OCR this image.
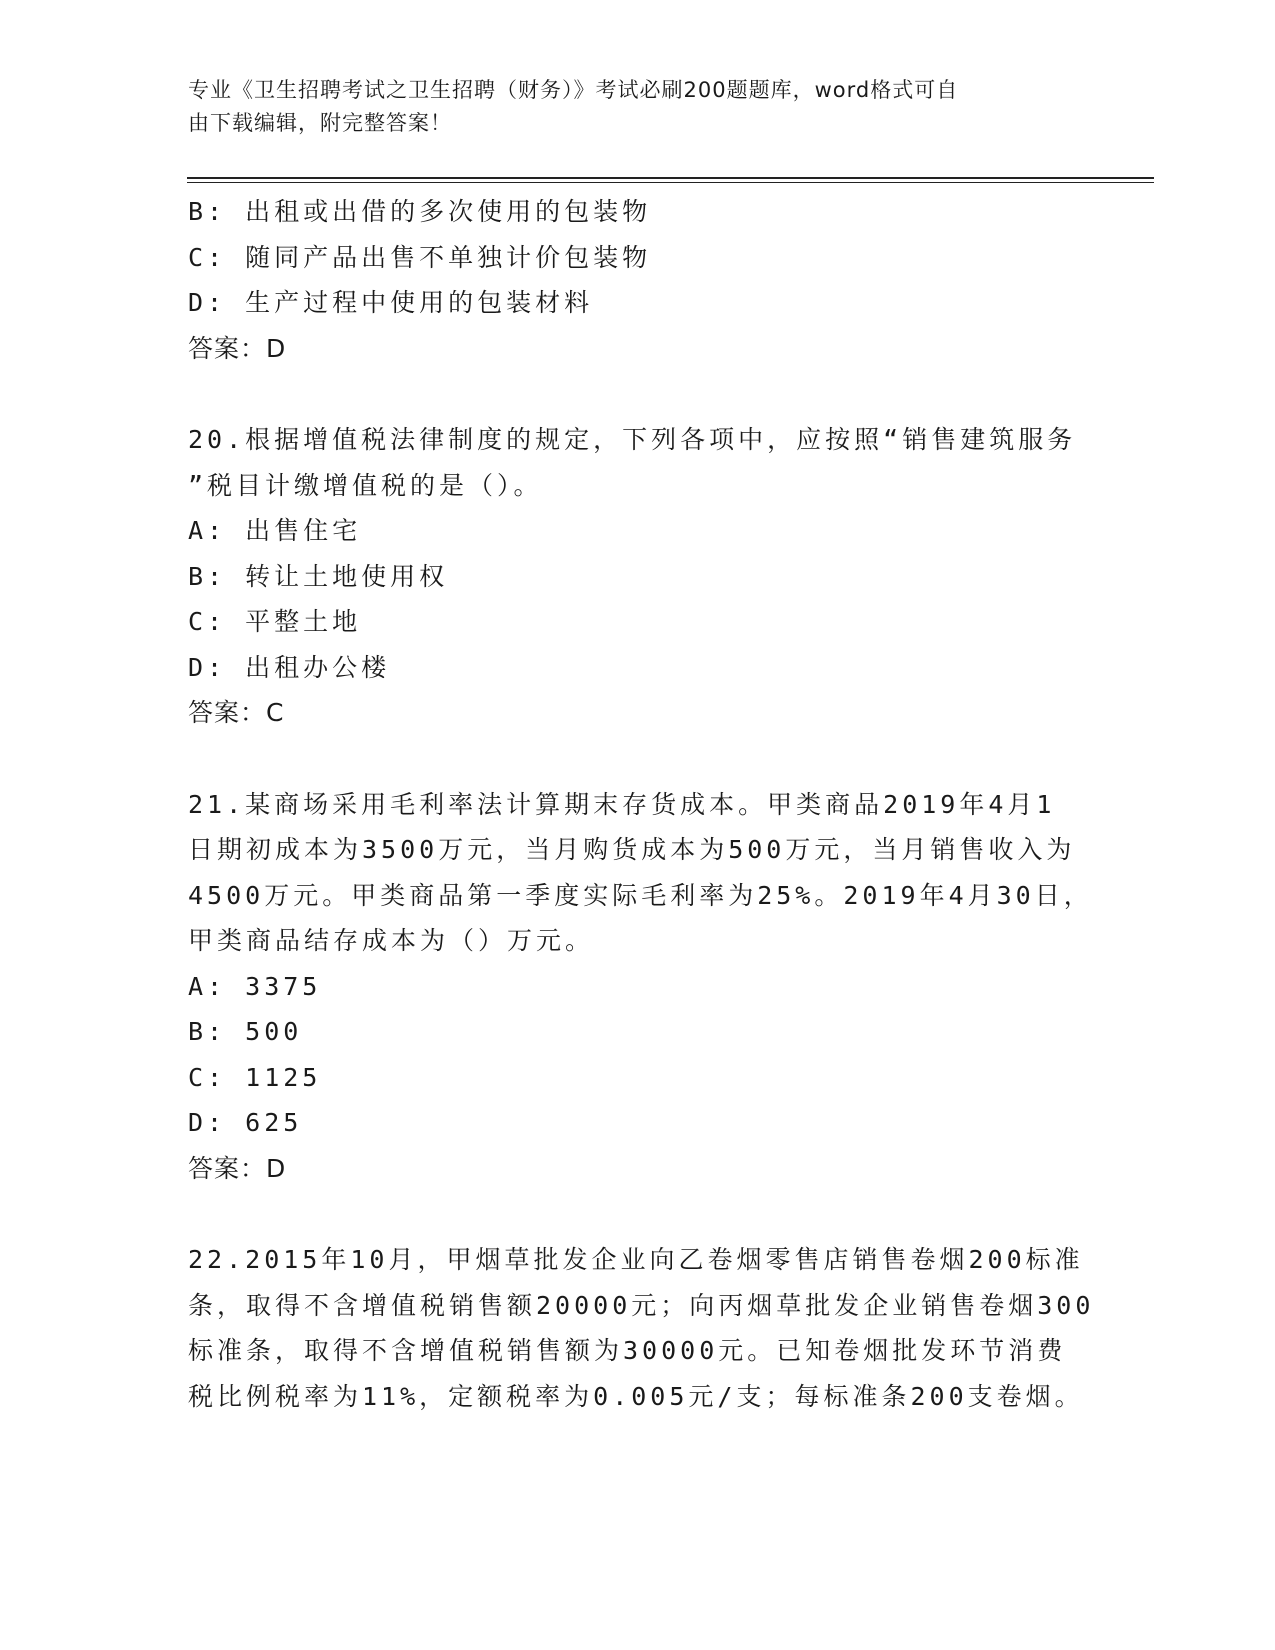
专业《卫生招聘考试之卫生招聘（财务）》考试必刷200题题库，word格式可自
由下载编辑，附完整答案！
B: 出租或出借的多次使用的包装物
C: 随同产品出售不单独计价包装物
D: 生产过程中使用的包装材料
答案：D
20.根据增值税法律制度的规定，下列各项中，应按照“销售建筑服务
”税目计缴增值税的是（）。
A: 出售住宅
B: 转让土地使用权
C: 平整土地
D: 出租办公楼
答案：C
21.某商场采用毛利率法计算期末存货成本。甲类商品2019年4月1
日期初成本为3500万元，当月购货成本为500万元，当月销售收入为
4500万元。甲类商品第一季度实际毛利率为25%。2019年4月30日，
甲类商品结存成本为（）万元。
A: 3375
B: 500
C: 1125
D: 625
答案：D
22.2015年10月，甲烟草批发企业向乙卷烟零售店销售卷烟200标准
条，取得不含增值税销售额20000元；向丙烟草批发企业销售卷烟300
标准条，取得不含增值税销售额为30000元。已知卷烟批发环节消费
税比例税率为11%，定额税率为0.005元/支；每标准条200支卷烟。
